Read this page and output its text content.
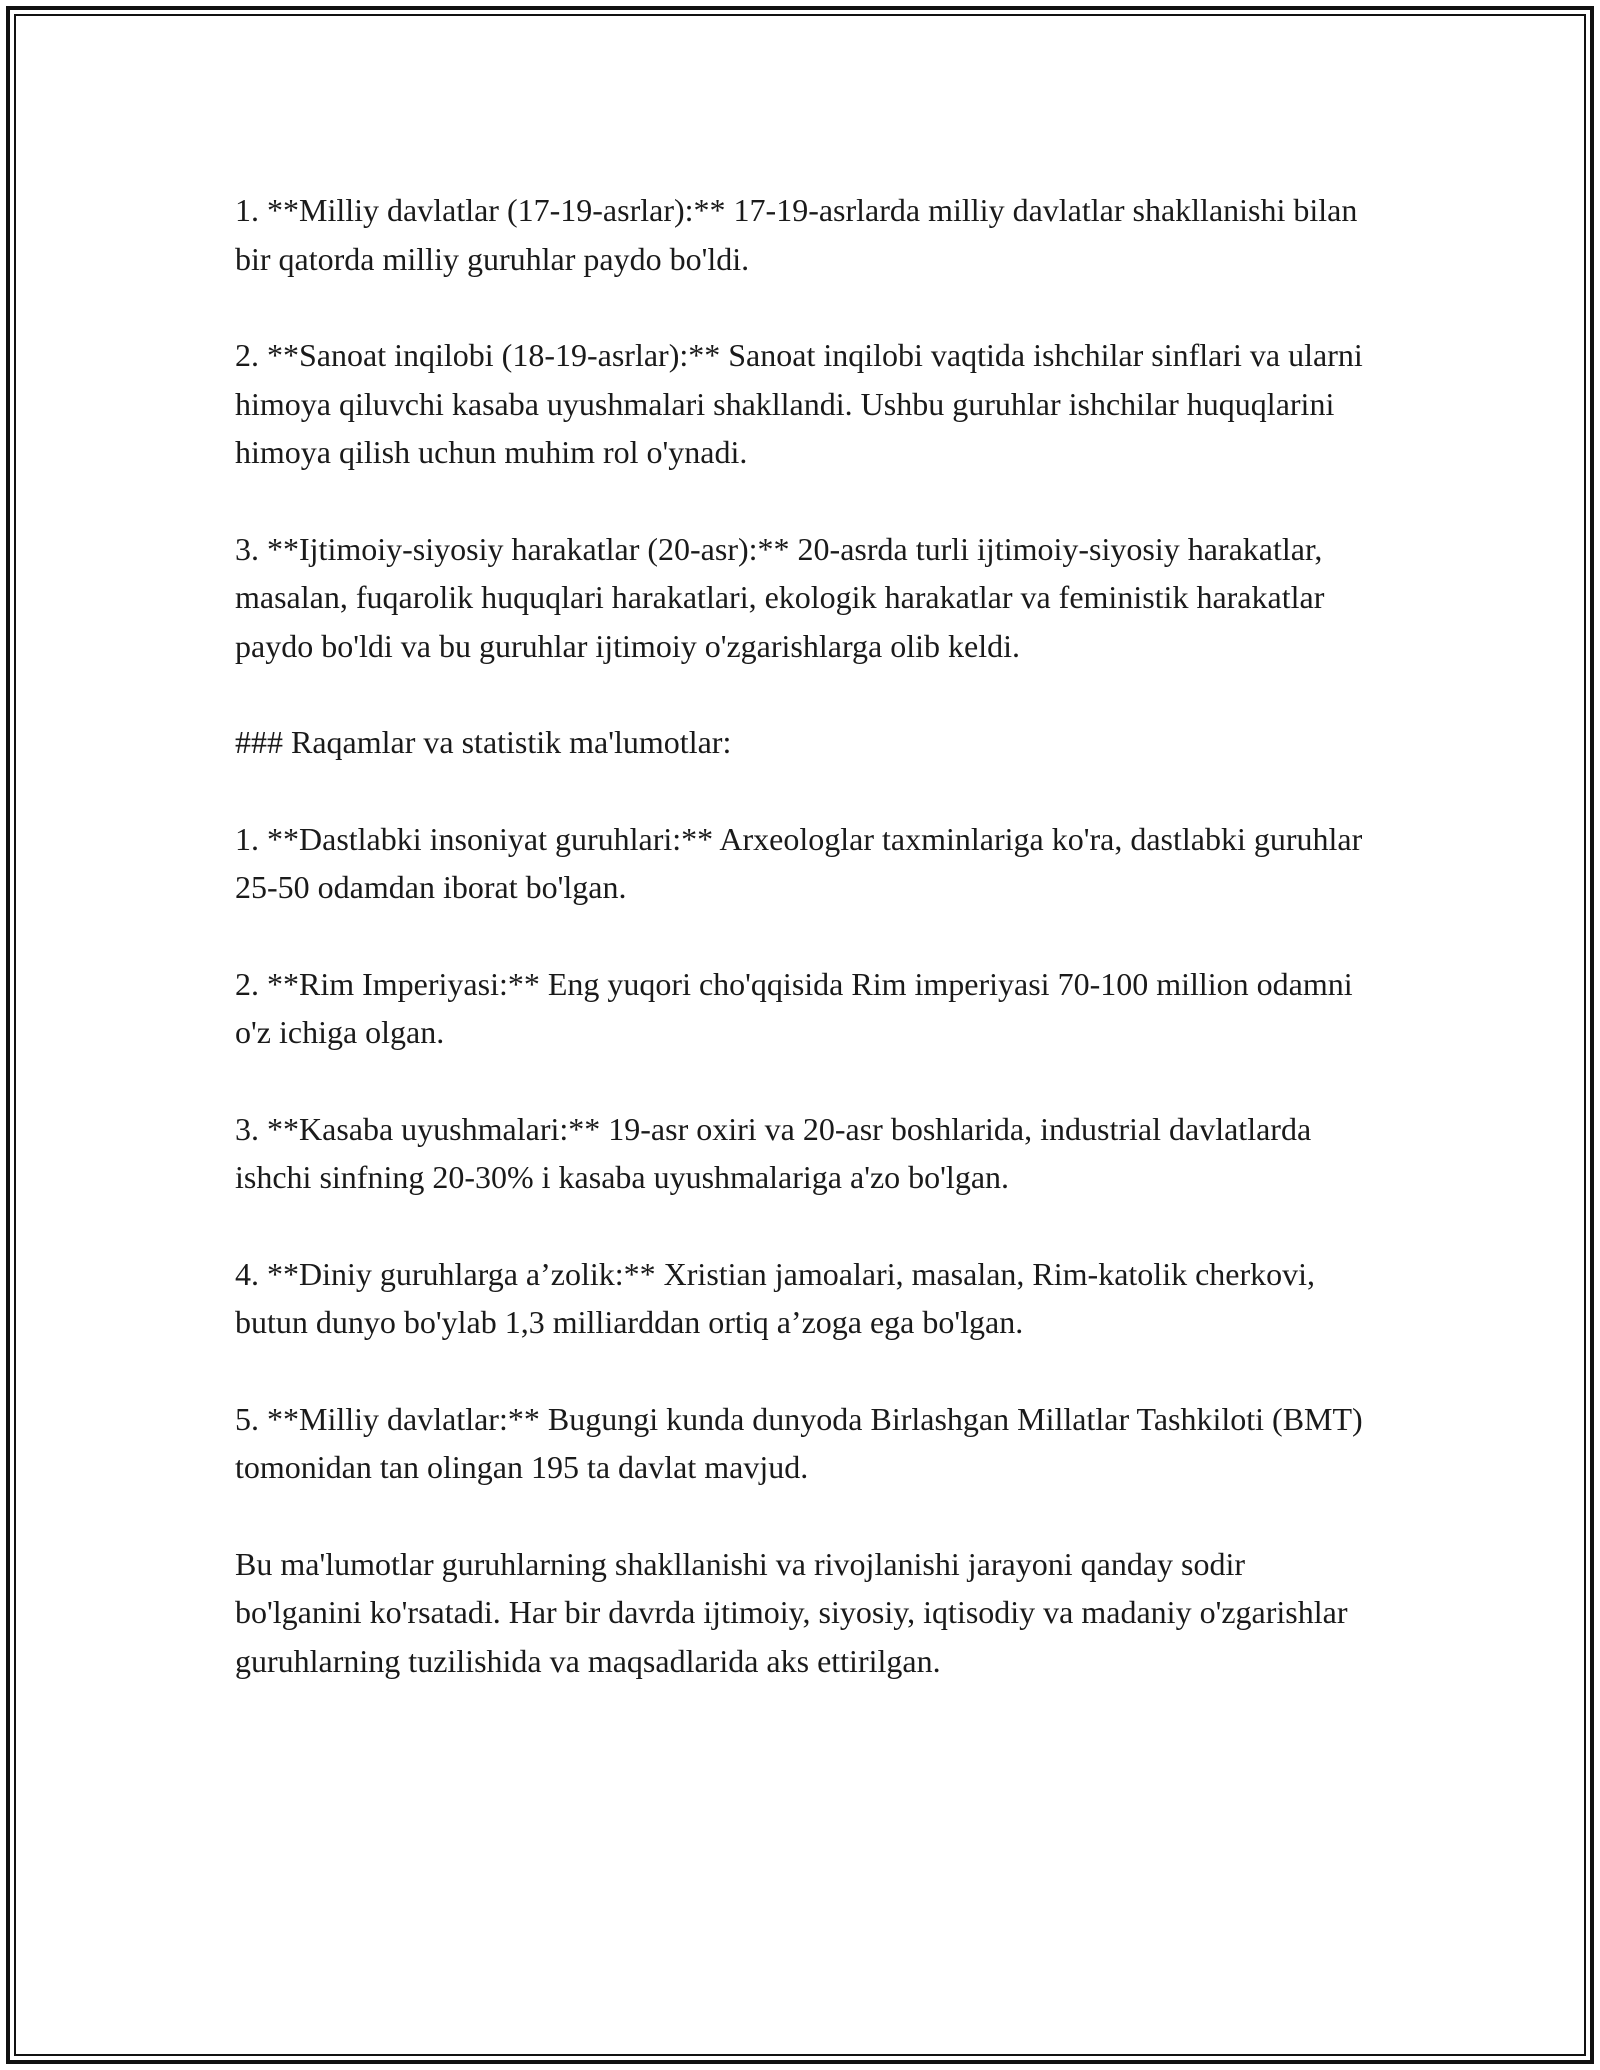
1. **Milliy davlatlar (17-19-asrlar):** 17-19-asrlarda milliy davlatlar shakllanishi bilan bir qatorda milliy guruhlar paydo bo'ldi.

2. **Sanoat inqilobi (18-19-asrlar):** Sanoat inqilobi vaqtida ishchilar sinflari va ularni himoya qiluvchi kasaba uyushmalari shakllandi. Ushbu guruhlar ishchilar huquqlarini himoya qilish uchun muhim rol o'ynadi.

3. **Ijtimoiy-siyosiy harakatlar (20-asr):** 20-asrda turli ijtimoiy-siyosiy harakatlar, masalan, fuqarolik huquqlari harakatlari, ekologik harakatlar va feministik harakatlar paydo bo'ldi va bu guruhlar ijtimoiy o'zgarishlarga olib keldi.

### Raqamlar va statistik ma'lumotlar:

1. **Dastlabki insoniyat guruhlari:** Arxeologlar taxminlariga ko'ra, dastlabki guruhlar 25-50 odamdan iborat bo'lgan.

2. **Rim Imperiyasi:** Eng yuqori cho'qqisida Rim imperiyasi 70-100 million odamni o'z ichiga olgan.

3. **Kasaba uyushmalari:** 19-asr oxiri va 20-asr boshlarida, industrial davlatlarda ishchi sinfning 20-30% i kasaba uyushmalariga a'zo bo'lgan.

4. **Diniy guruhlarga a’zolik:** Xristian jamoalari, masalan, Rim-katolik cherkovi, butun dunyo bo'ylab 1,3 milliarddan ortiq a’zoga ega bo'lgan.

5. **Milliy davlatlar:** Bugungi kunda dunyoda Birlashgan Millatlar Tashkiloti (BMT) tomonidan tan olingan 195 ta davlat mavjud.

Bu ma'lumotlar guruhlarning shakllanishi va rivojlanishi jarayoni qanday sodir bo'lganini ko'rsatadi. Har bir davrda ijtimoiy, siyosiy, iqtisodiy va madaniy o'zgarishlar guruhlarning tuzilishida va maqsadlarida aks ettirilgan.
